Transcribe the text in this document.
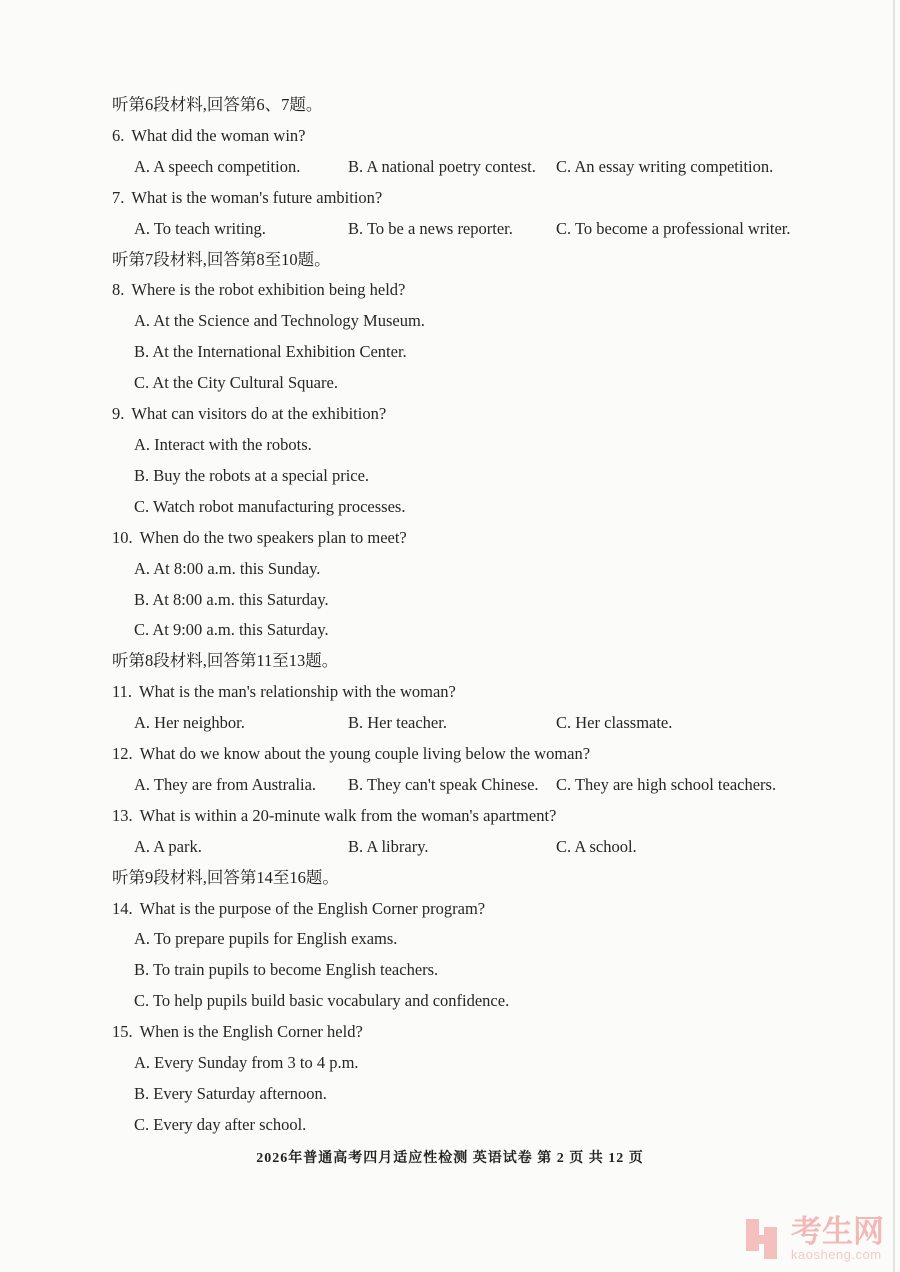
听第6段材料,回答第6、7题。
6. What did the woman win?
A. A speech competition.	B. A national poetry contest.	C. An essay writing competition.
7. What is the woman's future ambition?
A. To teach writing.	B. To be a news reporter.	C. To become a professional writer.
听第7段材料,回答第8至10题。
8. Where is the robot exhibition being held?
A. At the Science and Technology Museum.
B. At the International Exhibition Center.
C. At the City Cultural Square.
9. What can visitors do at the exhibition?
A. Interact with the robots.
B. Buy the robots at a special price.
C. Watch robot manufacturing processes.
10. When do the two speakers plan to meet?
A. At 8:00 a.m. this Sunday.
B. At 8:00 a.m. this Saturday.
C. At 9:00 a.m. this Saturday.
听第8段材料,回答第11至13题。
11. What is the man's relationship with the woman?
A. Her neighbor.	B. Her teacher.	C. Her classmate.
12. What do we know about the young couple living below the woman?
A. They are from Australia.	B. They can't speak Chinese.	C. They are high school teachers.
13. What is within a 20-minute walk from the woman's apartment?
A. A park.	B. A library.	C. A school.
听第9段材料,回答第14至16题。
14. What is the purpose of the English Corner program?
A. To prepare pupils for English exams.
B. To train pupils to become English teachers.
C. To help pupils build basic vocabulary and confidence.
15. When is the English Corner held?
A. Every Sunday from 3 to 4 p.m.
B. Every Saturday afternoon.
C. Every day after school.
2026年普通高考四月适应性检测 英语试卷 第 2 页 共 12 页
考生网
kaosheng.com
